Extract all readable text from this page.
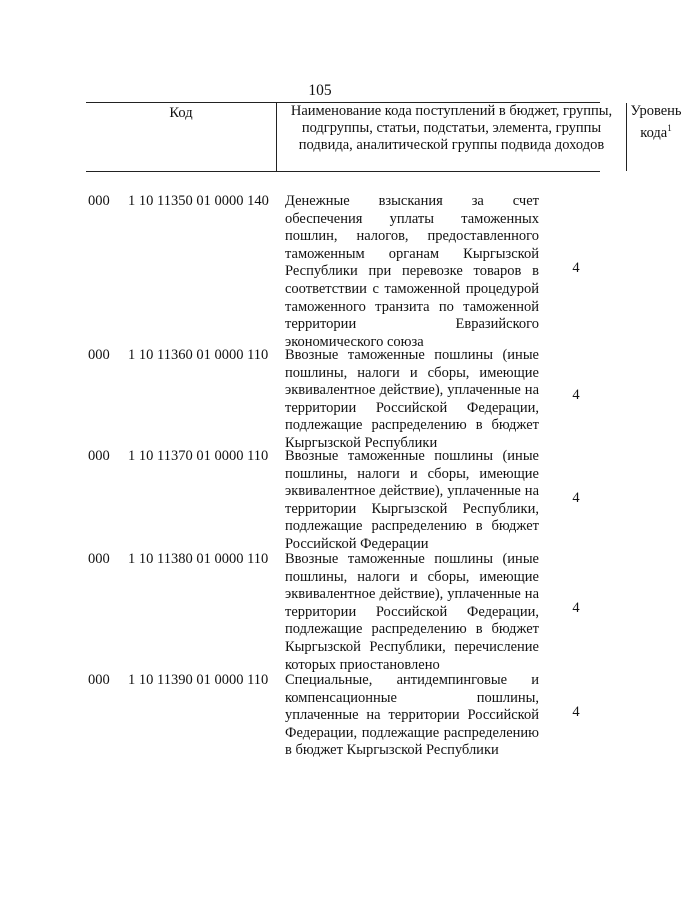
105
Код	Наименование кода поступлений в бюджет, группы, подгруппы, статьи, подстатьи, элемента, группы подвида, аналитической группы подвида доходов
Уровень кода$^1$
000 1 10 11350 01 0000 140 Денежные взыскания за счет обеспечения уплаты таможенных пошлин, налогов, предоставленного таможенным органам Кыргызской Республики при перевозке товаров в соответствии с таможенной процедурой таможенного транзита по таможенной территории Евразийского экономического союза
4
000 1 10 11360 01 0000 110 Ввозные таможенные пошлины (иные пошлины, налоги и сборы, имеющие эквивалентное действие), уплаченные на территории Российской Федерации, подлежащие распределению в бюджет Кыргызской Республики
4
000 1 10 11370 01 0000 110 Ввозные таможенные пошлины (иные пошлины, налоги и сборы, имеющие эквивалентное действие), уплаченные на территории Кыргызской Республики, подлежащие распределению в бюджет Российской Федерации
4
000 1 10 11380 01 0000 110 Ввозные таможенные пошлины (иные пошлины, налоги и сборы, имеющие эквивалентное действие), уплаченные на территории Российской Федерации, подлежащие распределению в бюджет Кыргызской Республики, перечисление которых приостановлено
4
000 1 10 11390 01 0000 110 Специальные, антидемпинговые и компенсационные пошлины, уплаченные на территории Российской Федерации, подлежащие распределению в бюджет Кыргызской Республики
4
